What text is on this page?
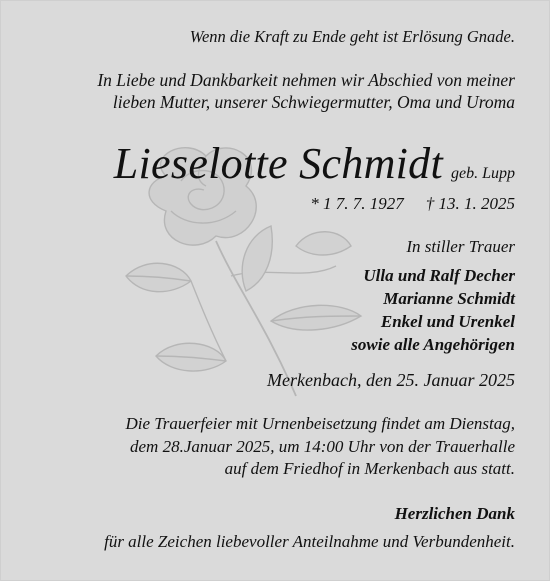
Wenn die Kraft zu Ende geht ist Erlösung Gnade.

In Liebe und Dankbarkeit nehmen wir Abschied von meiner
lieben Mutter, unserer Schwiegermutter, Oma und Uroma
Lieselotte Schmidt geb. Lupp

* 1 7. 7. 1927 † 13. 1. 2025

In stiller Trauer

Ulla und Ralf Decher
Marianne Schmidt
Enkel und Urenkel
sowie alle Angehörigen

Merkenbach, den 25. Januar 2025

Die Trauerfeier mit Urnenbeisetzung findet am Dienstag,
dem 28.Januar 2025, um 14:00 Uhr von der Trauerhalle
auf dem Friedhof in Merkenbach aus statt.

Herzlichen Dank

für alle Zeichen liebevoller Anteilnahme und Verbundenheit.
